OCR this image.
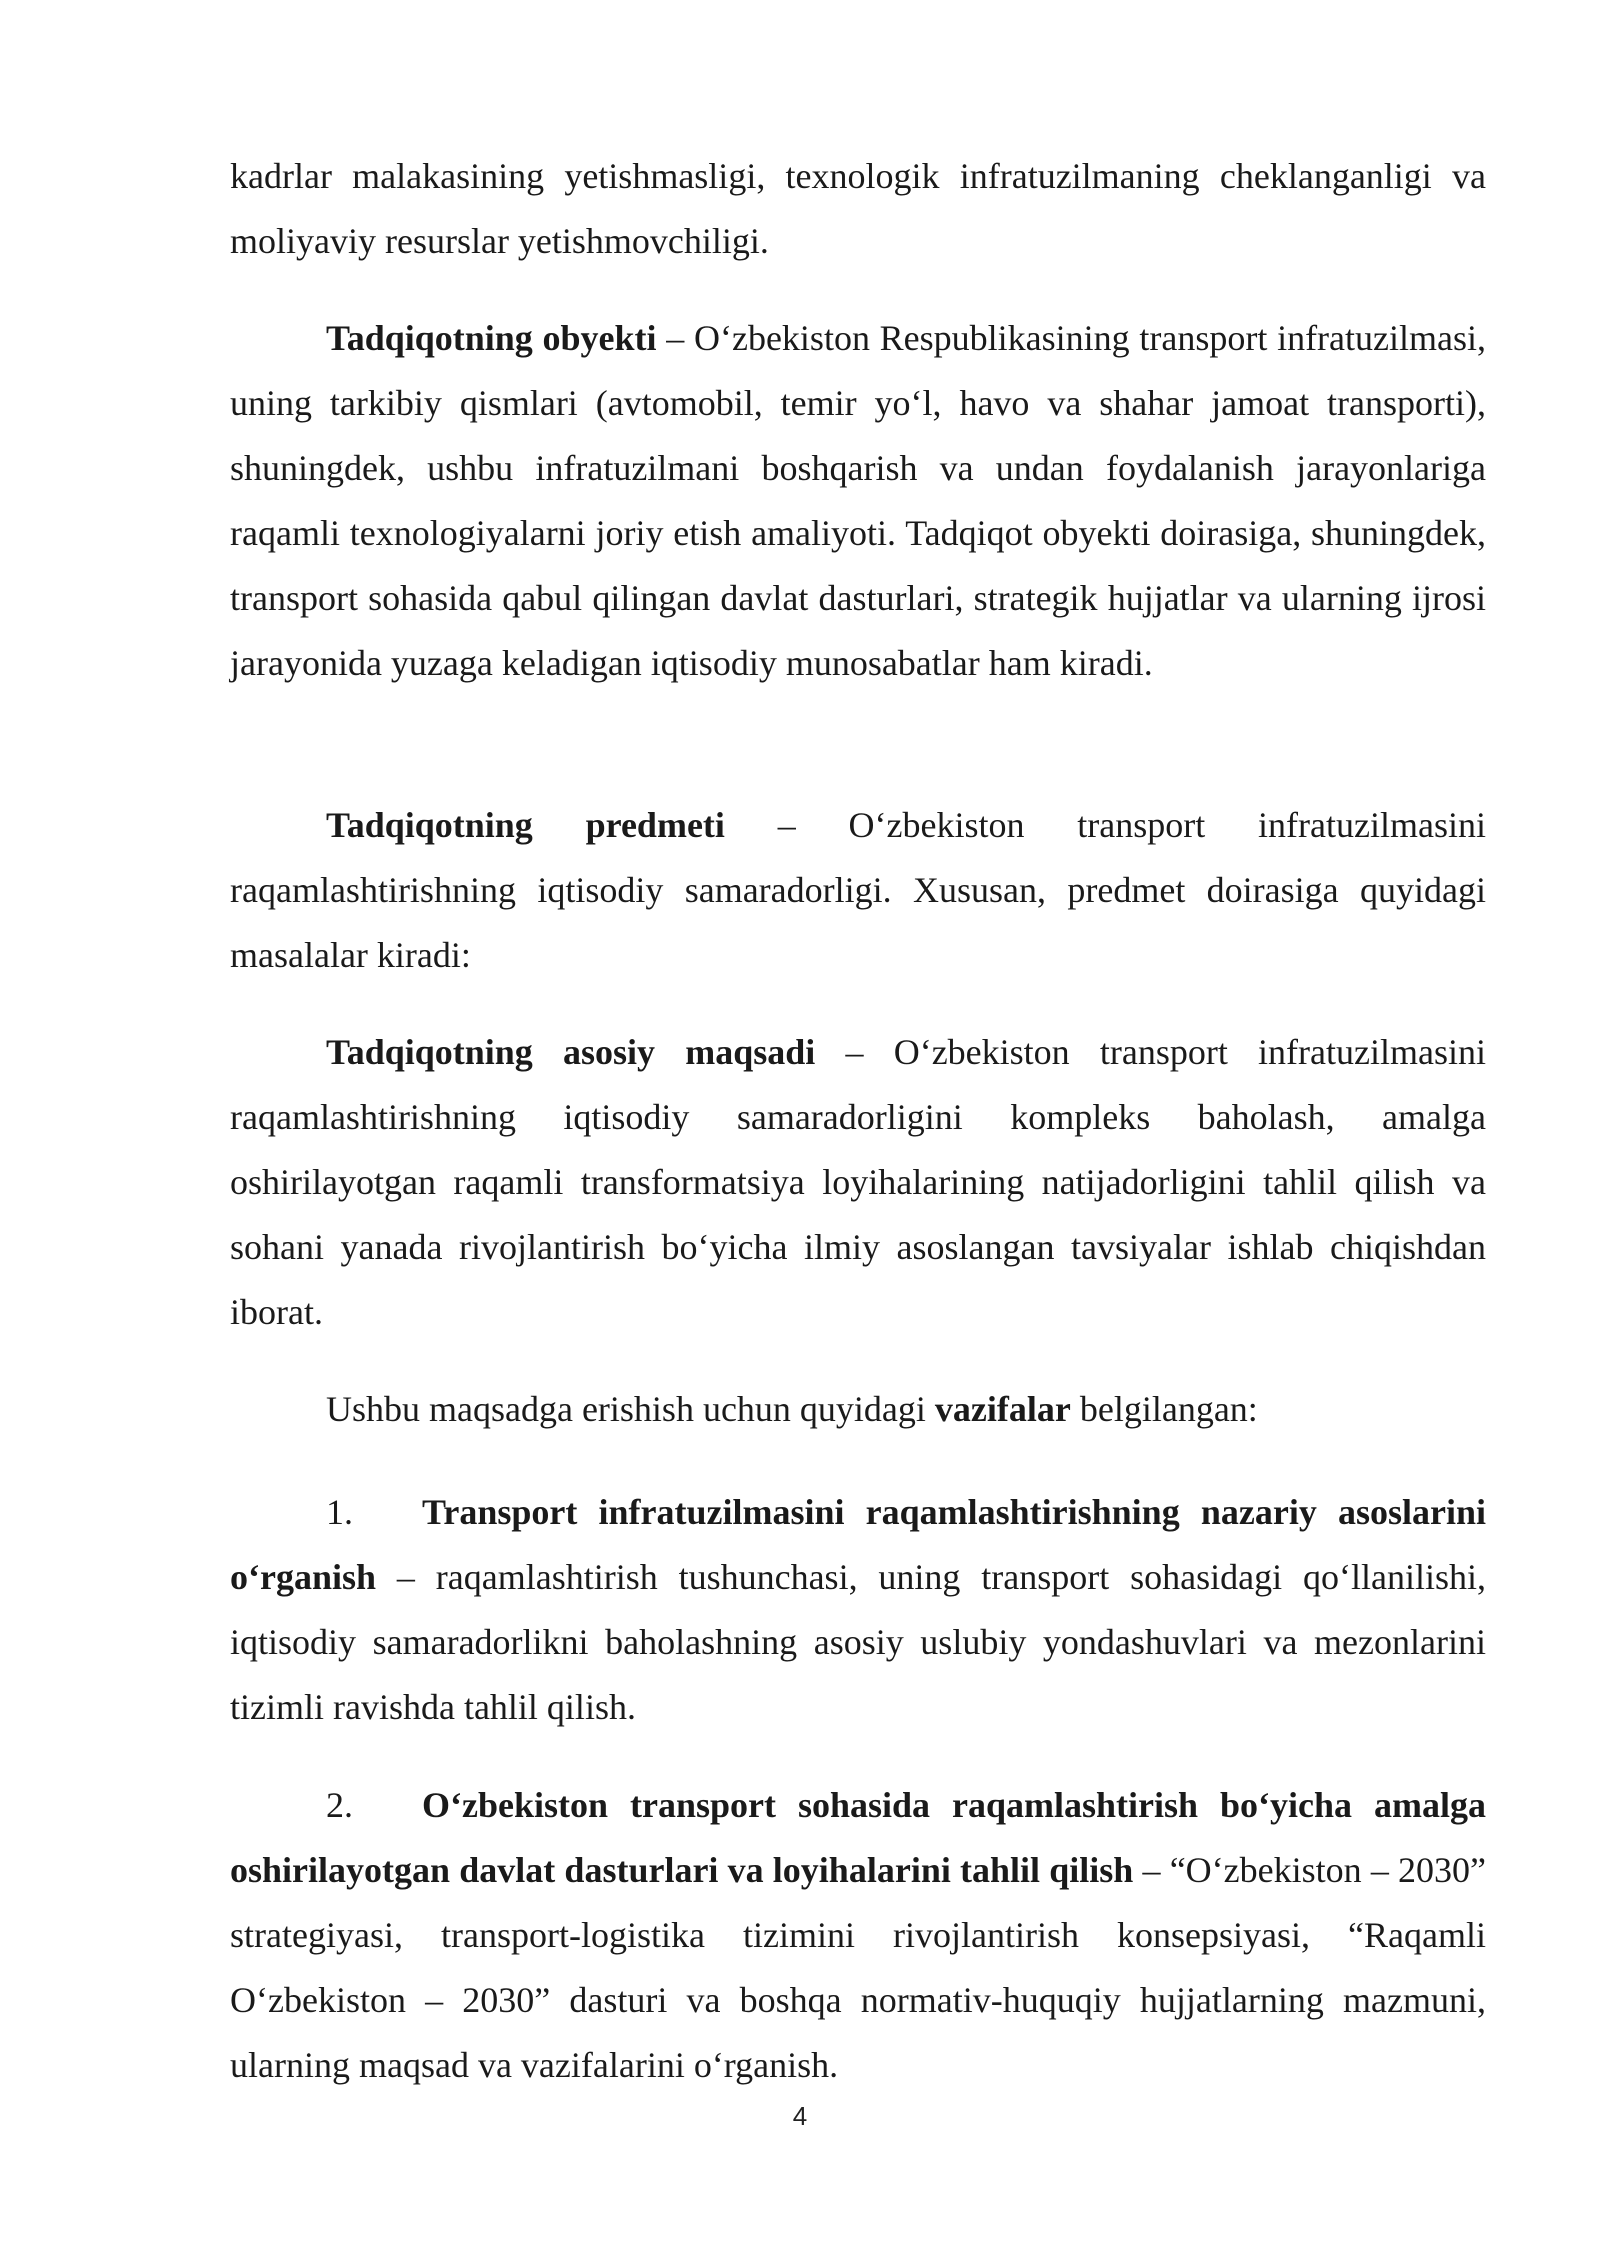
kadrlar malakasining yetishmasligi, texnologik infratuzilmaning cheklanganligi va moliyaviy resurslar yetishmovchiligi.

Tadqiqotning obyekti – O‘zbekiston Respublikasining transport infratuzilmasi, uning tarkibiy qismlari (avtomobil, temir yo‘l, havo va shahar jamoat transporti), shuningdek, ushbu infratuzilmani boshqarish va undan foydalanish jarayonlariga raqamli texnologiyalarni joriy etish amaliyoti. Tadqiqot obyekti doirasiga, shuningdek, transport sohasida qabul qilingan davlat dasturlari, strategik hujjatlar va ularning ijrosi jarayonida yuzaga keladigan iqtisodiy munosabatlar ham kiradi.

Tadqiqotning predmeti – O‘zbekiston transport infratuzilmasini raqamlashtirishning iqtisodiy samaradorligi. Xususan, predmet doirasiga quyidagi masalalar kiradi:

Tadqiqotning asosiy maqsadi – O‘zbekiston transport infratuzilmasini raqamlashtirishning iqtisodiy samaradorligini kompleks baholash, amalga oshirilayotgan raqamli transformatsiya loyihalarining natijadorligini tahlil qilish va sohani yanada rivojlantirish bo‘yicha ilmiy asoslangan tavsiyalar ishlab chiqishdan iborat.

Ushbu maqsadga erishish uchun quyidagi vazifalar belgilangan:

1. Transport infratuzilmasini raqamlashtirishning nazariy asoslarini o‘rganish – raqamlashtirish tushunchasi, uning transport sohasidagi qo‘llanilishi, iqtisodiy samaradorlikni baholashning asosiy uslubiy yondashuvlari va mezonlarini tizimli ravishda tahlil qilish.

2. O‘zbekiston transport sohasida raqamlashtirish bo‘yicha amalga oshirilayotgan davlat dasturlari va loyihalarini tahlil qilish – “O‘zbekiston – 2030” strategiyasi, transport-logistika tizimini rivojlantirish konsepsiyasi, “Raqamli O‘zbekiston – 2030” dasturi va boshqa normativ-huquqiy hujjatlarning mazmuni, ularning maqsad va vazifalarini o‘rganish.

4
